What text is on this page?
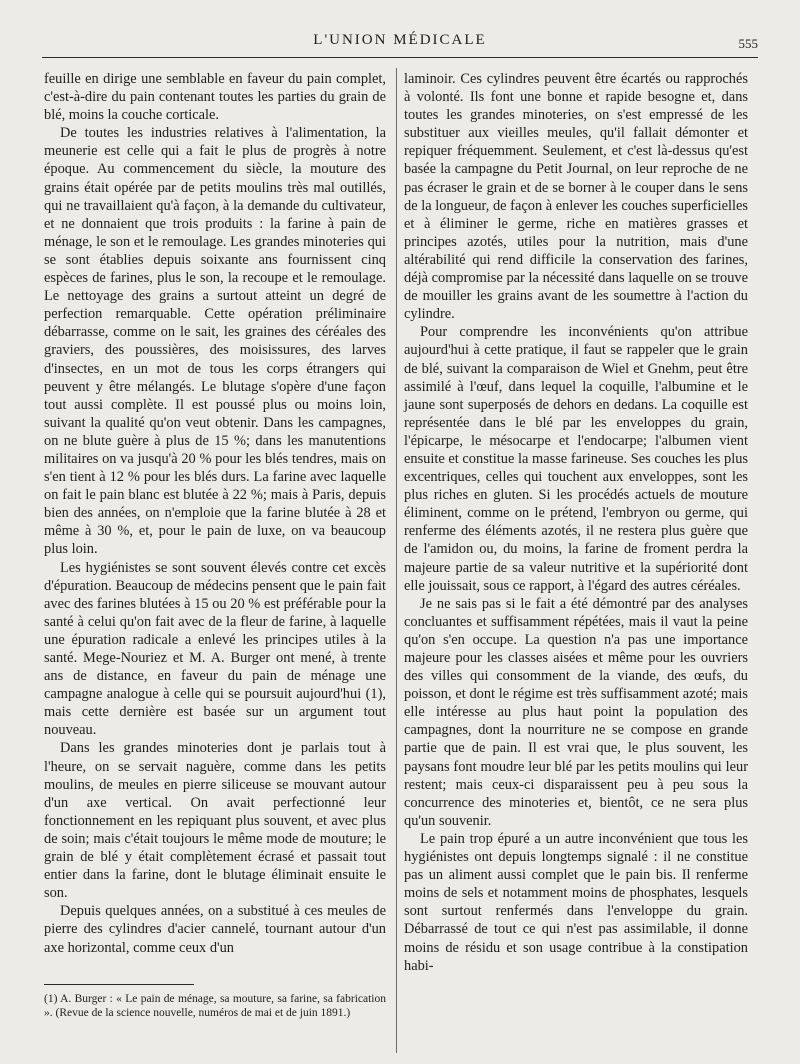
L'UNION MÉDICALE	555

feuille en dirige une semblable en faveur du pain complet, c'est-à-dire du pain contenant toutes les parties du grain de blé, moins la couche corticale.

De toutes les industries relatives à l'alimentation, la meunerie est celle qui a fait le plus de progrès à notre époque. Au commencement du siècle, la mouture des grains était opérée par de petits moulins très mal outillés, qui ne travaillaient qu'à façon, à la demande du cultivateur, et ne donnaient que trois produits : la farine à pain de ménage, le son et le remoulage. Les grandes minoteries qui se sont établies depuis soixante ans fournissent cinq espèces de farines, plus le son, la recoupe et le remoulage. Le nettoyage des grains a surtout atteint un degré de perfection remarquable. Cette opération préliminaire débarrasse, comme on le sait, les graines des céréales des graviers, des poussières, des moisissures, des larves d'insectes, en un mot de tous les corps étrangers qui peuvent y être mélangés. Le blutage s'opère d'une façon tout aussi complète. Il est poussé plus ou moins loin, suivant la qualité qu'on veut obtenir. Dans les campagnes, on ne blute guère à plus de 15 %; dans les manutentions militaires on va jusqu'à 20 % pour les blés tendres, mais on s'en tient à 12 % pour les blés durs. La farine avec laquelle on fait le pain blanc est blutée à 22 %; mais à Paris, depuis bien des années, on n'emploie que la farine blutée à 28 et même à 30 %, et, pour le pain de luxe, on va beaucoup plus loin.

Les hygiénistes se sont souvent élevés contre cet excès d'épuration. Beaucoup de médecins pensent que le pain fait avec des farines blutées à 15 ou 20 % est préférable pour la santé à celui qu'on fait avec de la fleur de farine, à laquelle une épuration radicale a enlevé les principes utiles à la santé. Mege-Nouriez et M. A. Burger ont mené, à trente ans de distance, en faveur du pain de ménage une campagne analogue à celle qui se poursuit aujourd'hui (1), mais cette dernière est basée sur un argument tout nouveau.

Dans les grandes minoteries dont je parlais tout à l'heure, on se servait naguère, comme dans les petits moulins, de meules en pierre siliceuse se mouvant autour d'un axe vertical. On avait perfectionné leur fonctionnement en les repiquant plus souvent, et avec plus de soin; mais c'était toujours le même mode de mouture; le grain de blé y était complètement écrasé et passait tout entier dans la farine, dont le blutage éliminait ensuite le son.

Depuis quelques années, on a substitué à ces meules de pierre des cylindres d'acier cannelé, tournant autour d'un axe horizontal, comme ceux d'un

laminoir. Ces cylindres peuvent être écartés ou rapprochés à volonté. Ils font une bonne et rapide besogne et, dans toutes les grandes minoteries, on s'est empressé de les substituer aux vieilles meules, qu'il fallait démonter et repiquer fréquemment. Seulement, et c'est là-dessus qu'est basée la campagne du Petit Journal, on leur reproche de ne pas écraser le grain et de se borner à le couper dans le sens de la longueur, de façon à enlever les couches superficielles et à éliminer le germe, riche en matières grasses et principes azotés, utiles pour la nutrition, mais d'une altérabilité qui rend difficile la conservation des farines, déjà compromise par la nécessité dans laquelle on se trouve de mouiller les grains avant de les soumettre à l'action du cylindre.

Pour comprendre les inconvénients qu'on attribue aujourd'hui à cette pratique, il faut se rappeler que le grain de blé, suivant la comparaison de Wiel et Gnehm, peut être assimilé à l'œuf, dans lequel la coquille, l'albumine et le jaune sont superposés de dehors en dedans. La coquille est représentée dans le blé par les enveloppes du grain, l'épicarpe, le mésocarpe et l'endocarpe; l'albumen vient ensuite et constitue la masse farineuse. Ses couches les plus excentriques, celles qui touchent aux enveloppes, sont les plus riches en gluten. Si les procédés actuels de mouture éliminent, comme on le prétend, l'embryon ou germe, qui renferme des éléments azotés, il ne restera plus guère que de l'amidon ou, du moins, la farine de froment perdra la majeure partie de sa valeur nutritive et la supériorité dont elle jouissait, sous ce rapport, à l'égard des autres céréales.

Je ne sais pas si le fait a été démontré par des analyses concluantes et suffisamment répétées, mais il vaut la peine qu'on s'en occupe. La question n'a pas une importance majeure pour les classes aisées et même pour les ouvriers des villes qui consomment de la viande, des œufs, du poisson, et dont le régime est très suffisamment azoté; mais elle intéresse au plus haut point la population des campagnes, dont la nourriture ne se compose en grande partie que de pain. Il est vrai que, le plus souvent, les paysans font moudre leur blé par les petits moulins qui leur restent; mais ceux-ci disparaissent peu à peu sous la concurrence des minoteries et, bientôt, ce ne sera plus qu'un souvenir.

Le pain trop épuré a un autre inconvénient que tous les hygiénistes ont depuis longtemps signalé : il ne constitue pas un aliment aussi complet que le pain bis. Il renferme moins de sels et notamment moins de phosphates, lesquels sont surtout renfermés dans l'enveloppe du grain. Débarrassé de tout ce qui n'est pas assimilable, il donne moins de résidu et son usage contribue à la constipation habi-

(1) A. Burger : « Le pain de ménage, sa mouture, sa farine, sa fabrication ». (Revue de la science nouvelle, numéros de mai et de juin 1891.)
